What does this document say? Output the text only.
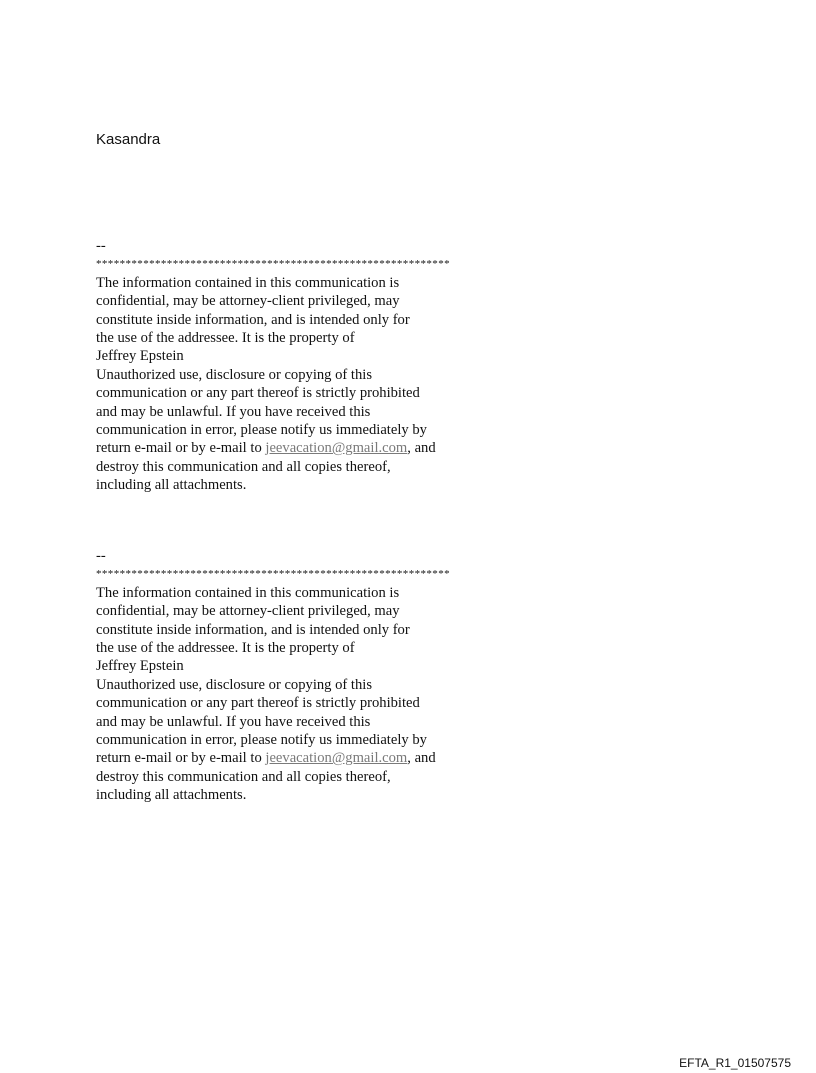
Kasandra
--
************************************************************
The information contained in this communication is
confidential, may be attorney-client privileged, may
constitute inside information, and is intended only for
the use of the addressee. It is the property of
Jeffrey Epstein
Unauthorized use, disclosure or copying of this
communication or any part thereof is strictly prohibited
and may be unlawful. If you have received this
communication in error, please notify us immediately by
return e-mail or by e-mail to jeevacation@gmail.com, and
destroy this communication and all copies thereof,
including all attachments.
--
************************************************************
The information contained in this communication is
confidential, may be attorney-client privileged, may
constitute inside information, and is intended only for
the use of the addressee. It is the property of
Jeffrey Epstein
Unauthorized use, disclosure or copying of this
communication or any part thereof is strictly prohibited
and may be unlawful. If you have received this
communication in error, please notify us immediately by
return e-mail or by e-mail to jeevacation@gmail.com, and
destroy this communication and all copies thereof,
including all attachments.
EFTA_R1_01507575
